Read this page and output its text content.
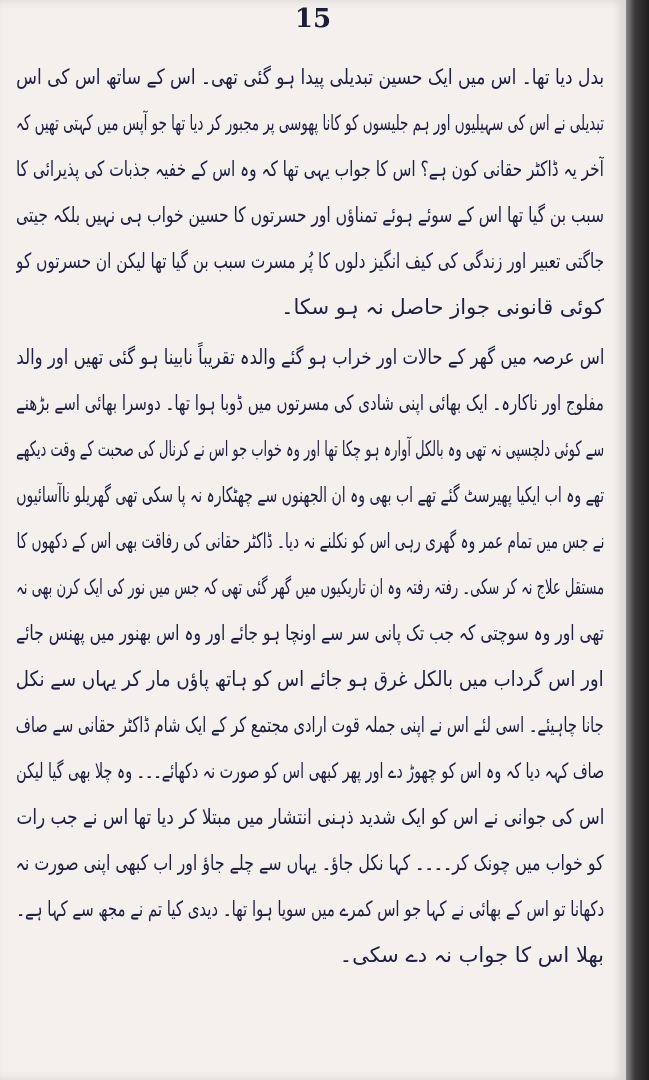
15
بدل دیا تھا۔ اس میں ایک حسین تبدیلی پیدا ہو گئی تھی۔ اس کے ساتھ اس کی اس
تبدیلی نے اس کی سہیلیوں اور ہم جلیسوں کو کانا پھوسی پر مجبور کر دیا تھا جو آپس میں کہتی تھیں کہ
آخر یہ ڈاکٹر حقانی کون ہے؟ اس کا جواب یہی تھا کہ وہ اس کے خفیہ جذبات کی پذیرائی کا
سبب بن گیا تھا اس کے سوئے ہوئے تمناؤں اور حسرتوں کا حسین خواب ہی نہیں بلکہ جیتی
جاگتی تعبیر اور زندگی کی کیف انگیز دلوں کا پُر مسرت سبب بن گیا تھا لیکن ان حسرتوں کو
کوئی قانونی جواز حاصل نہ ہو سکا۔
اس عرصہ میں گھر کے حالات اور خراب ہو گئے والدہ تقریباً نابینا ہو گئی تھیں اور والد
مفلوج اور ناکارہ۔ ایک بھائی اپنی شادی کی مسرتوں میں ڈوبا ہوا تھا۔ دوسرا بھائی اسے بڑھنے
سے کوئی دلچسپی نہ تھی وہ بالکل آوارہ ہو چکا تھا اور وہ خواب جو اس نے کرنال کی صحبت کے وقت دیکھے
تھے وہ اب ایکیا پھیرسٹ گئے تھے اب بھی وہ ان الجھنوں سے چھٹکارہ نہ پا سکی تھی گھریلو ناآسائیوں
نے جس میں تمام عمر وہ گھری رہی اس کو نکلنے نہ دیا۔ ڈاکٹر حقانی کی رفاقت بھی اس کے دکھوں کا
مستقل علاج نہ کر سکی۔ رفتہ رفتہ وہ ان تاریکیوں میں گھر گئی تھی کہ جس میں نور کی ایک کرن بھی نہ
تھی اور وہ سوچتی کہ جب تک پانی سر سے اونچا ہو جائے اور وہ اس بھنور میں پھنس جائے
اور اس گرداب میں بالکل غرق ہو جائے اس کو ہاتھ پاؤں مار کر یہاں سے نکل
جانا چاہیئے۔ اسی لئے اس نے اپنی جملہ قوت ارادی مجتمع کر کے ایک شام ڈاکٹر حقانی سے صاف
صاف کہہ دیا کہ وہ اس کو چھوڑ دے اور پھر کبھی اس کو صورت نہ دکھائے۔۔۔ وہ چلا بھی گیا لیکن
اس کی جوانی نے اس کو ایک شدید ذہنی انتشار میں مبتلا کر دیا تھا اس نے جب رات
کو خواب میں چونک کر۔۔۔۔ کہا نکل جاؤ۔ یہاں سے چلے جاؤ اور اب کبھی اپنی صورت نہ
دکھانا تو اس کے بھائی نے کہا جو اس کمرے میں سویا ہوا تھا۔ دیدی کیا تم نے مجھ سے کہا ہے۔
بھلا اس کا جواب نہ دے سکی۔
